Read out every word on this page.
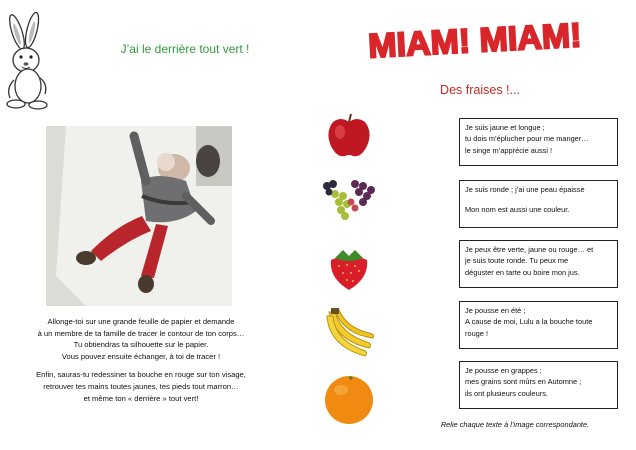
J’ai le derrière tout vert !

Allonge-toi sur une grande feuille de papier et demande

à un membre de ta famille de tracer le contour de ton corps…

Tu obtiendras ta silhouette sur le papier.

Vous pouvez ensuite échanger, à toi de tracer !

Enfin, sauras-tu redessiner ta bouche en rouge sur ton visage,

retrouver tes mains toutes jaunes, tes pieds tout marron…

et même ton « derrière » tout vert!

MIAM! MIAM!
Des fraises !...
Je suis jaune et longue ;
tu dois m’éplucher pour me manger…
le singe m’apprécie aussi !
Je suis ronde ; j’ai une peau épaisse
Mon nom est aussi une couleur.
Je peux être verte, jaune ou rouge… et
je suis toute ronde. Tu peux me
déguster en tarte ou boire mon jus.
Je pousse en été ;
A cause de moi, Lulu a la bouche toute
rouge !
Je pousse en grappes ;
mes grains sont mûrs en Automne ;
ils ont plusieurs couleurs.
Relie chaque texte à l’image correspondante.
